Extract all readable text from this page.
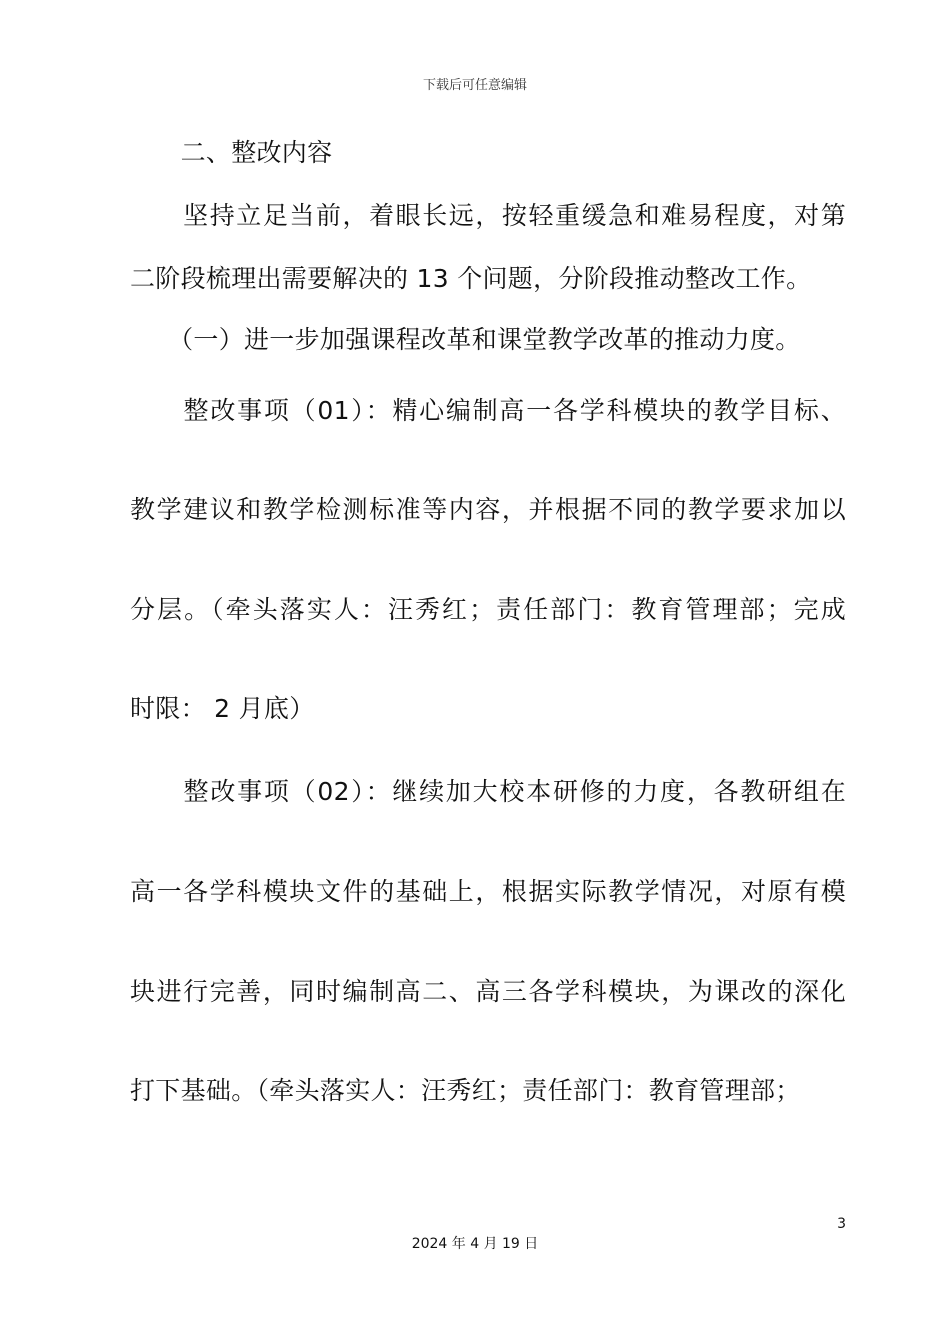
下载后可任意编辑
　　二、整改内容
　　坚持立足当前，着眼长远，按轻重缓急和难易程度，对第
二阶段梳理出需要解决的 13 个问题，分阶段推动整改工作。
　　（一）进一步加强课程改革和课堂教学改革的推动力度。
　　整改事项（01）：精心编制高一各学科模块的教学目标、
教学建议和教学检测标准等内容，并根据不同的教学要求加以
分层。（牵头落实人：汪秀红；责任部门：教育管理部；完成
时限： 2 月底）
　　整改事项（02）：继续加大校本研修的力度，各教研组在
高一各学科模块文件的基础上，根据实际教学情况，对原有模
块进行完善，同时编制高二、高三各学科模块，为课改的深化
打下基础。（牵头落实人：汪秀红；责任部门：教育管理部；
3
2024 年 4 月 19 日
